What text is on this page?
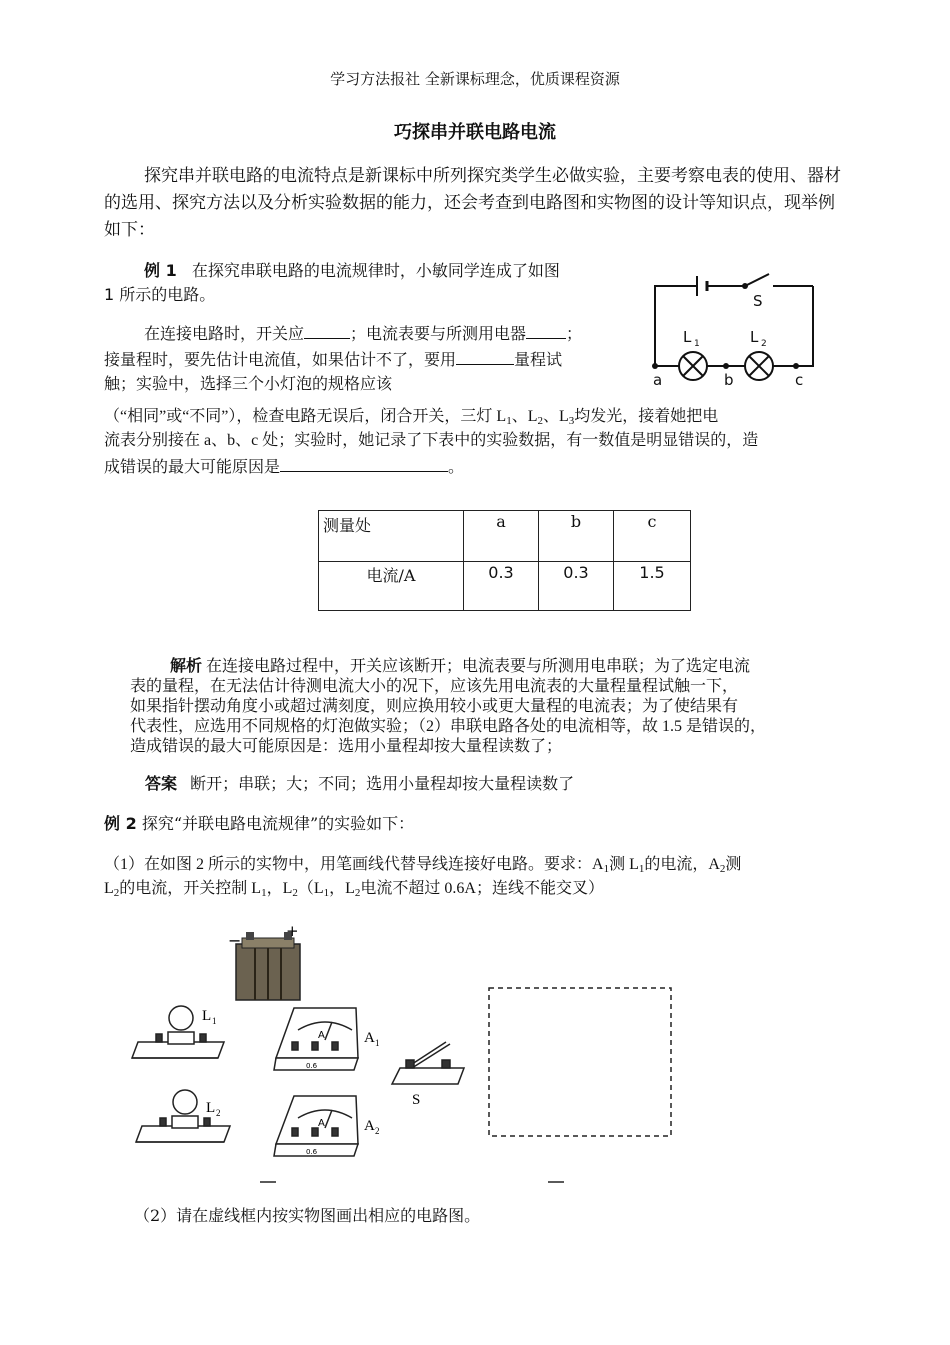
学习方法报社 全新课标理念，优质课程资源
巧探串并联电路电流
探究串并联电路的电流特点是新课标中所列探究类学生必做实验，主要考察电表的使用、器材的选用、探究方法以及分析实验数据的能力，还会考查到电路图和实物图的设计等知识点，现举例如下：
例 1 在探究串联电路的电流规律时，小敏同学连成了如图
1 所示的电路。
在连接电路时，开关应	；电流表要与所测用电器	；
接量程时，要先估计电流值，如果估计不了，要用	量程试
触；实验中，选择三个小灯泡的规格应该
S
L 1	L 2
a	b	c
（“相同”或“不同”），检查电路无误后，闭合开关，三灯 $L_1$、$L_2$、$L_3$均发光，接着她把电
流表分别接在 a、b、c 处；实验时，她记录了下表中的实验数据，有一数值是明显错误的，造
成错误的最大可能原因是	。
测量处	a	b	c
电流/A	0.3	0.3	1.5
解析 在连接电路过程中，开关应该断开；电流表要与所测用电串联；为了选定电流
表的量程，在无法估计待测电流大小的况下，应该先用电流表的大量程量程试触一下，
如果指针摆动角度小或超过满刻度，则应换用较小或更大量程的电流表；为了使结果有
代表性，应选用不同规格的灯泡做实验；（2）串联电路各处的电流相等，故 1.5 是错误的，
造成错误的最大可能原因是：选用小量程却按大量程读数了；
答案 断开；串联；大；不同；选用小量程却按大量程读数了
例 2 探究“并联电路电流规律”的实验如下：
（1）在如图 2 所示的实物中，用笔画线代替导线连接好电路。要求：$A_1$测 $L_1$的电流，$A_2$测
$L_2$的电流，开关控制 $L_1$，$L_2(L_1$，$L_2$电流不超过 0.6A；连线不能交叉）
−	+
L 1
L 2
A
0.6
A 1
A
0.6
A 2
S
（2）请在虚线框内按实物图画出相应的电路图。
